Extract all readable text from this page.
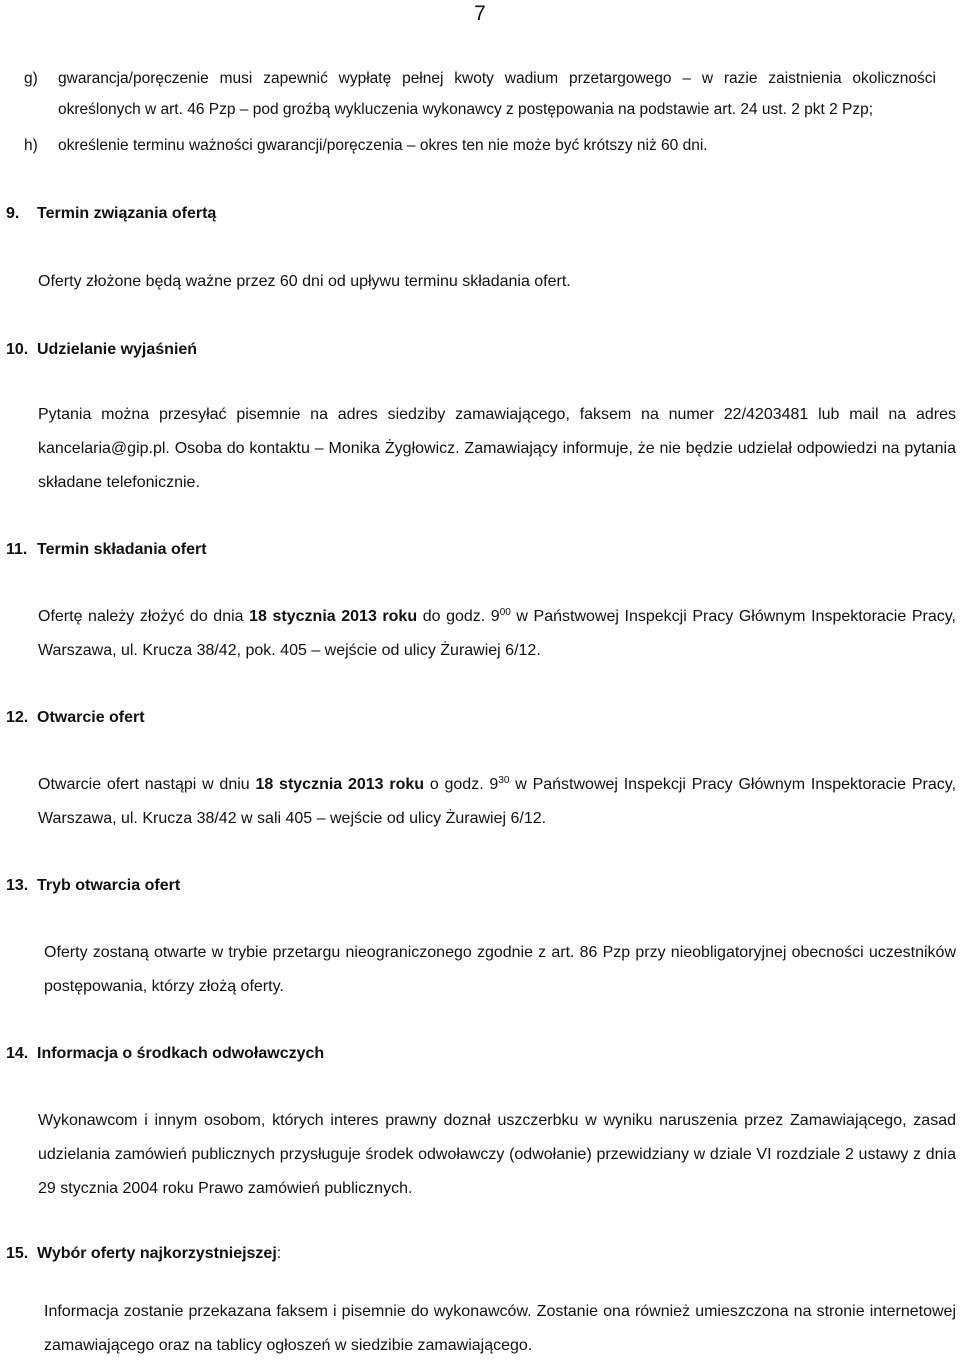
7
g) gwarancja/poręczenie musi zapewnić wypłatę pełnej kwoty wadium przetargowego – w razie zaistnienia okoliczności określonych w art. 46 Pzp – pod groźbą wykluczenia wykonawcy z postępowania na podstawie art. 24 ust. 2 pkt 2 Pzp;
h) określenie terminu ważności gwarancji/poręczenia – okres ten nie może być krótszy niż 60 dni.
9. Termin związania ofertą
Oferty złożone będą ważne przez 60 dni od upływu terminu składania ofert.
10. Udzielanie wyjaśnień
Pytania można przesyłać pisemnie na adres siedziby zamawiającego, faksem na numer 22/4203481 lub mail na adres
kancelaria@gip.pl. Osoba do kontaktu – Monika Żygłowicz. Zamawiający informuje, że nie będzie udzielał odpowiedzi na pytania
składane telefonicznie.
11. Termin składania ofert
Ofertę należy złożyć do dnia 18 stycznia 2013 roku do godz. $9^{00}$ w Państwowej Inspekcji Pracy Głównym Inspektoracie Pracy,
Warszawa, ul. Krucza 38/42, pok. 405 – wejście od ulicy Żurawiej 6/12.
12. Otwarcie ofert
Otwarcie ofert nastąpi w dniu 18 stycznia 2013 roku o godz. $9^{30}$ w Państwowej Inspekcji Pracy Głównym Inspektoracie Pracy,
Warszawa, ul. Krucza 38/42 w sali 405 – wejście od ulicy Żurawiej 6/12.
13. Tryb otwarcia ofert
Oferty zostaną otwarte w trybie przetargu nieograniczonego zgodnie z art. 86 Pzp przy nieobligatoryjnej obecności uczestników
postępowania, którzy złożą oferty.
14. Informacja o środkach odwoławczych
Wykonawcom i innym osobom, których interes prawny doznał uszczerbku w wyniku naruszenia przez Zamawiającego, zasad
udzielania zamówień publicznych przysługuje środek odwoławczy (odwołanie) przewidziany w dziale VI rozdziale 2 ustawy z dnia
29 stycznia 2004 roku Prawo zamówień publicznych.
15. Wybór oferty najkorzystniejszej:
Informacja zostanie przekazana faksem i pisemnie do wykonawców. Zostanie ona również umieszczona na stronie internetowej
zamawiającego oraz na tablicy ogłoszeń w siedzibie zamawiającego.
